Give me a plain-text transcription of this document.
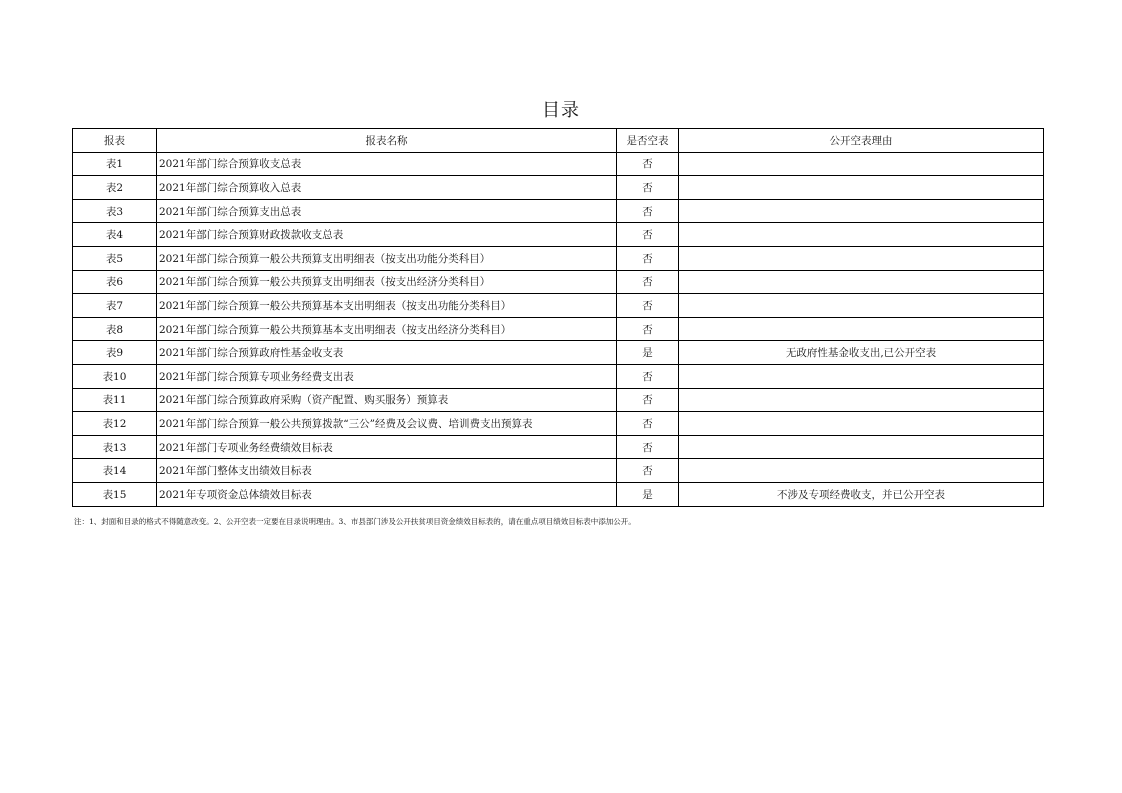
目录
报表	报表名称	是否空表	公开空表理由
表1	2021年部门综合预算收支总表	否	
表2	2021年部门综合预算收入总表	否	
表3	2021年部门综合预算支出总表	否	
表4	2021年部门综合预算财政拨款收支总表	否	
表5	2021年部门综合预算一般公共预算支出明细表（按支出功能分类科目）	否	
表6	2021年部门综合预算一般公共预算支出明细表（按支出经济分类科目）	否	
表7	2021年部门综合预算一般公共预算基本支出明细表（按支出功能分类科目）	否	
表8	2021年部门综合预算一般公共预算基本支出明细表（按支出经济分类科目）	否	
表9	2021年部门综合预算政府性基金收支表	是	无政府性基金收支出,已公开空表
表10	2021年部门综合预算专项业务经费支出表	否	
表11	2021年部门综合预算政府采购（资产配置、购买服务）预算表	否	
表12	2021年部门综合预算一般公共预算拨款“三公”经费及会议费、培训费支出预算表	否	
表13	2021年部门专项业务经费绩效目标表	否	
表14	2021年部门整体支出绩效目标表	否	
表15	2021年专项资金总体绩效目标表	是	不涉及专项经费收支，并已公开空表
注：1、封面和目录的格式不得随意改变。2、公开空表一定要在目录说明理由。3、市县部门涉及公开扶贫项目资金绩效目标表的，请在重点项目绩效目标表中添加公开。
